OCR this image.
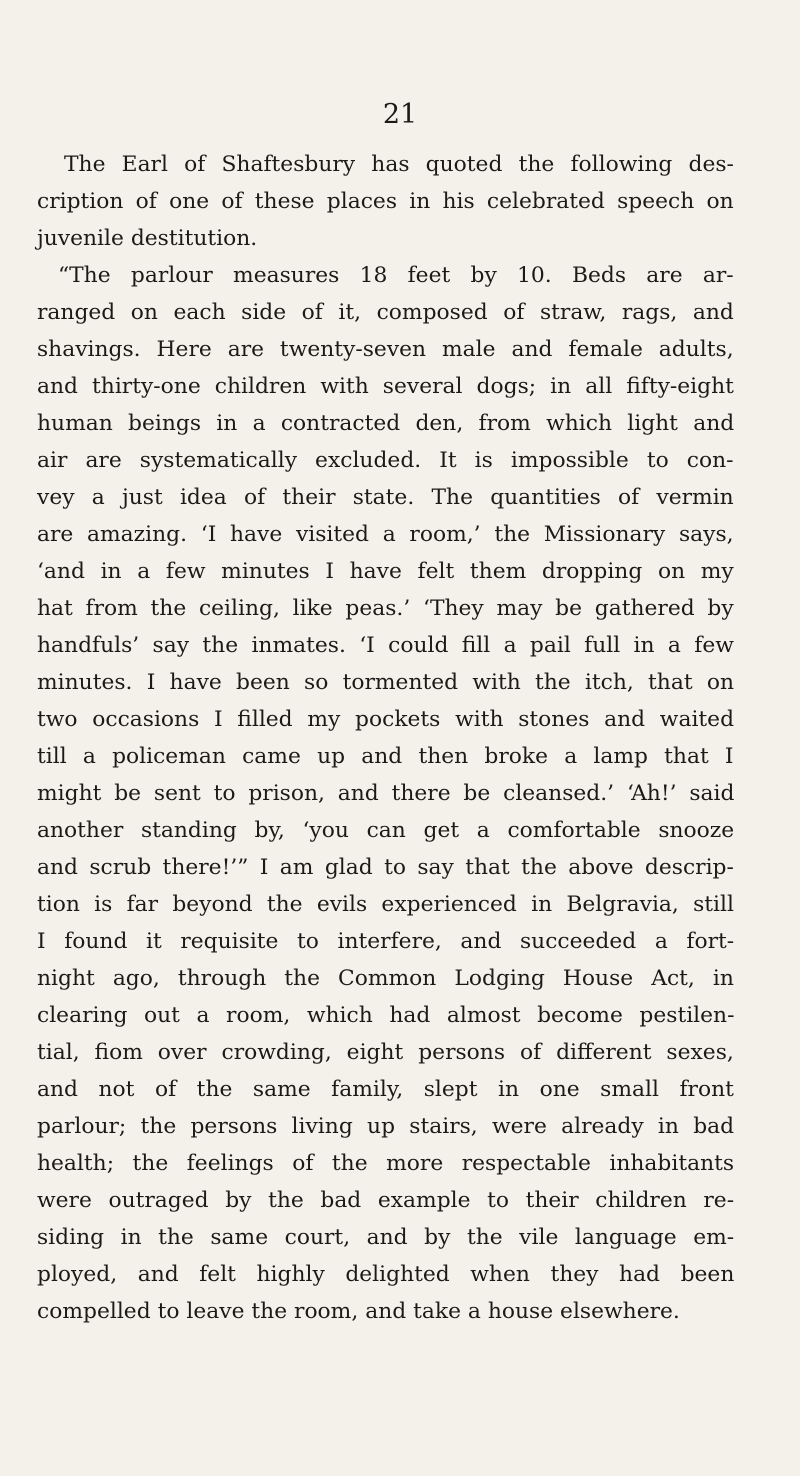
21
The Earl of Shaftesbury has quoted the following des-
cription of one of these places in his celebrated speech on
juvenile destitution.
“The parlour measures 18 feet by 10. Beds are ar-
ranged on each side of it, composed of straw, rags, and
shavings. Here are twenty-seven male and female adults,
and thirty-one children with several dogs; in all fifty-eight
human beings in a contracted den, from which light and
air are systematically excluded. It is impossible to con-
vey a just idea of their state. The quantities of vermin
are amazing. ‘I have visited a room,’ the Missionary says,
‘and in a few minutes I have felt them dropping on my
hat from the ceiling, like peas.’ ‘They may be gathered by
handfuls’ say the inmates. ‘I could fill a pail full in a few
minutes. I have been so tormented with the itch, that on
two occasions I filled my pockets with stones and waited
till a policeman came up and then broke a lamp that I
might be sent to prison, and there be cleansed.’ ‘Ah!’ said
another standing by, ‘you can get a comfortable snooze
and scrub there!’” I am glad to say that the above descrip-
tion is far beyond the evils experienced in Belgravia, still
I found it requisite to interfere, and succeeded a fort-
night ago, through the Common Lodging House Act, in
clearing out a room, which had almost become pestilen-
tial, fiom over crowding, eight persons of different sexes,
and not of the same family, slept in one small front
parlour; the persons living up stairs, were already in bad
health; the feelings of the more respectable inhabitants
were outraged by the bad example to their children re-
siding in the same court, and by the vile language em-
ployed, and felt highly delighted when they had been
compelled to leave the room, and take a house elsewhere.
